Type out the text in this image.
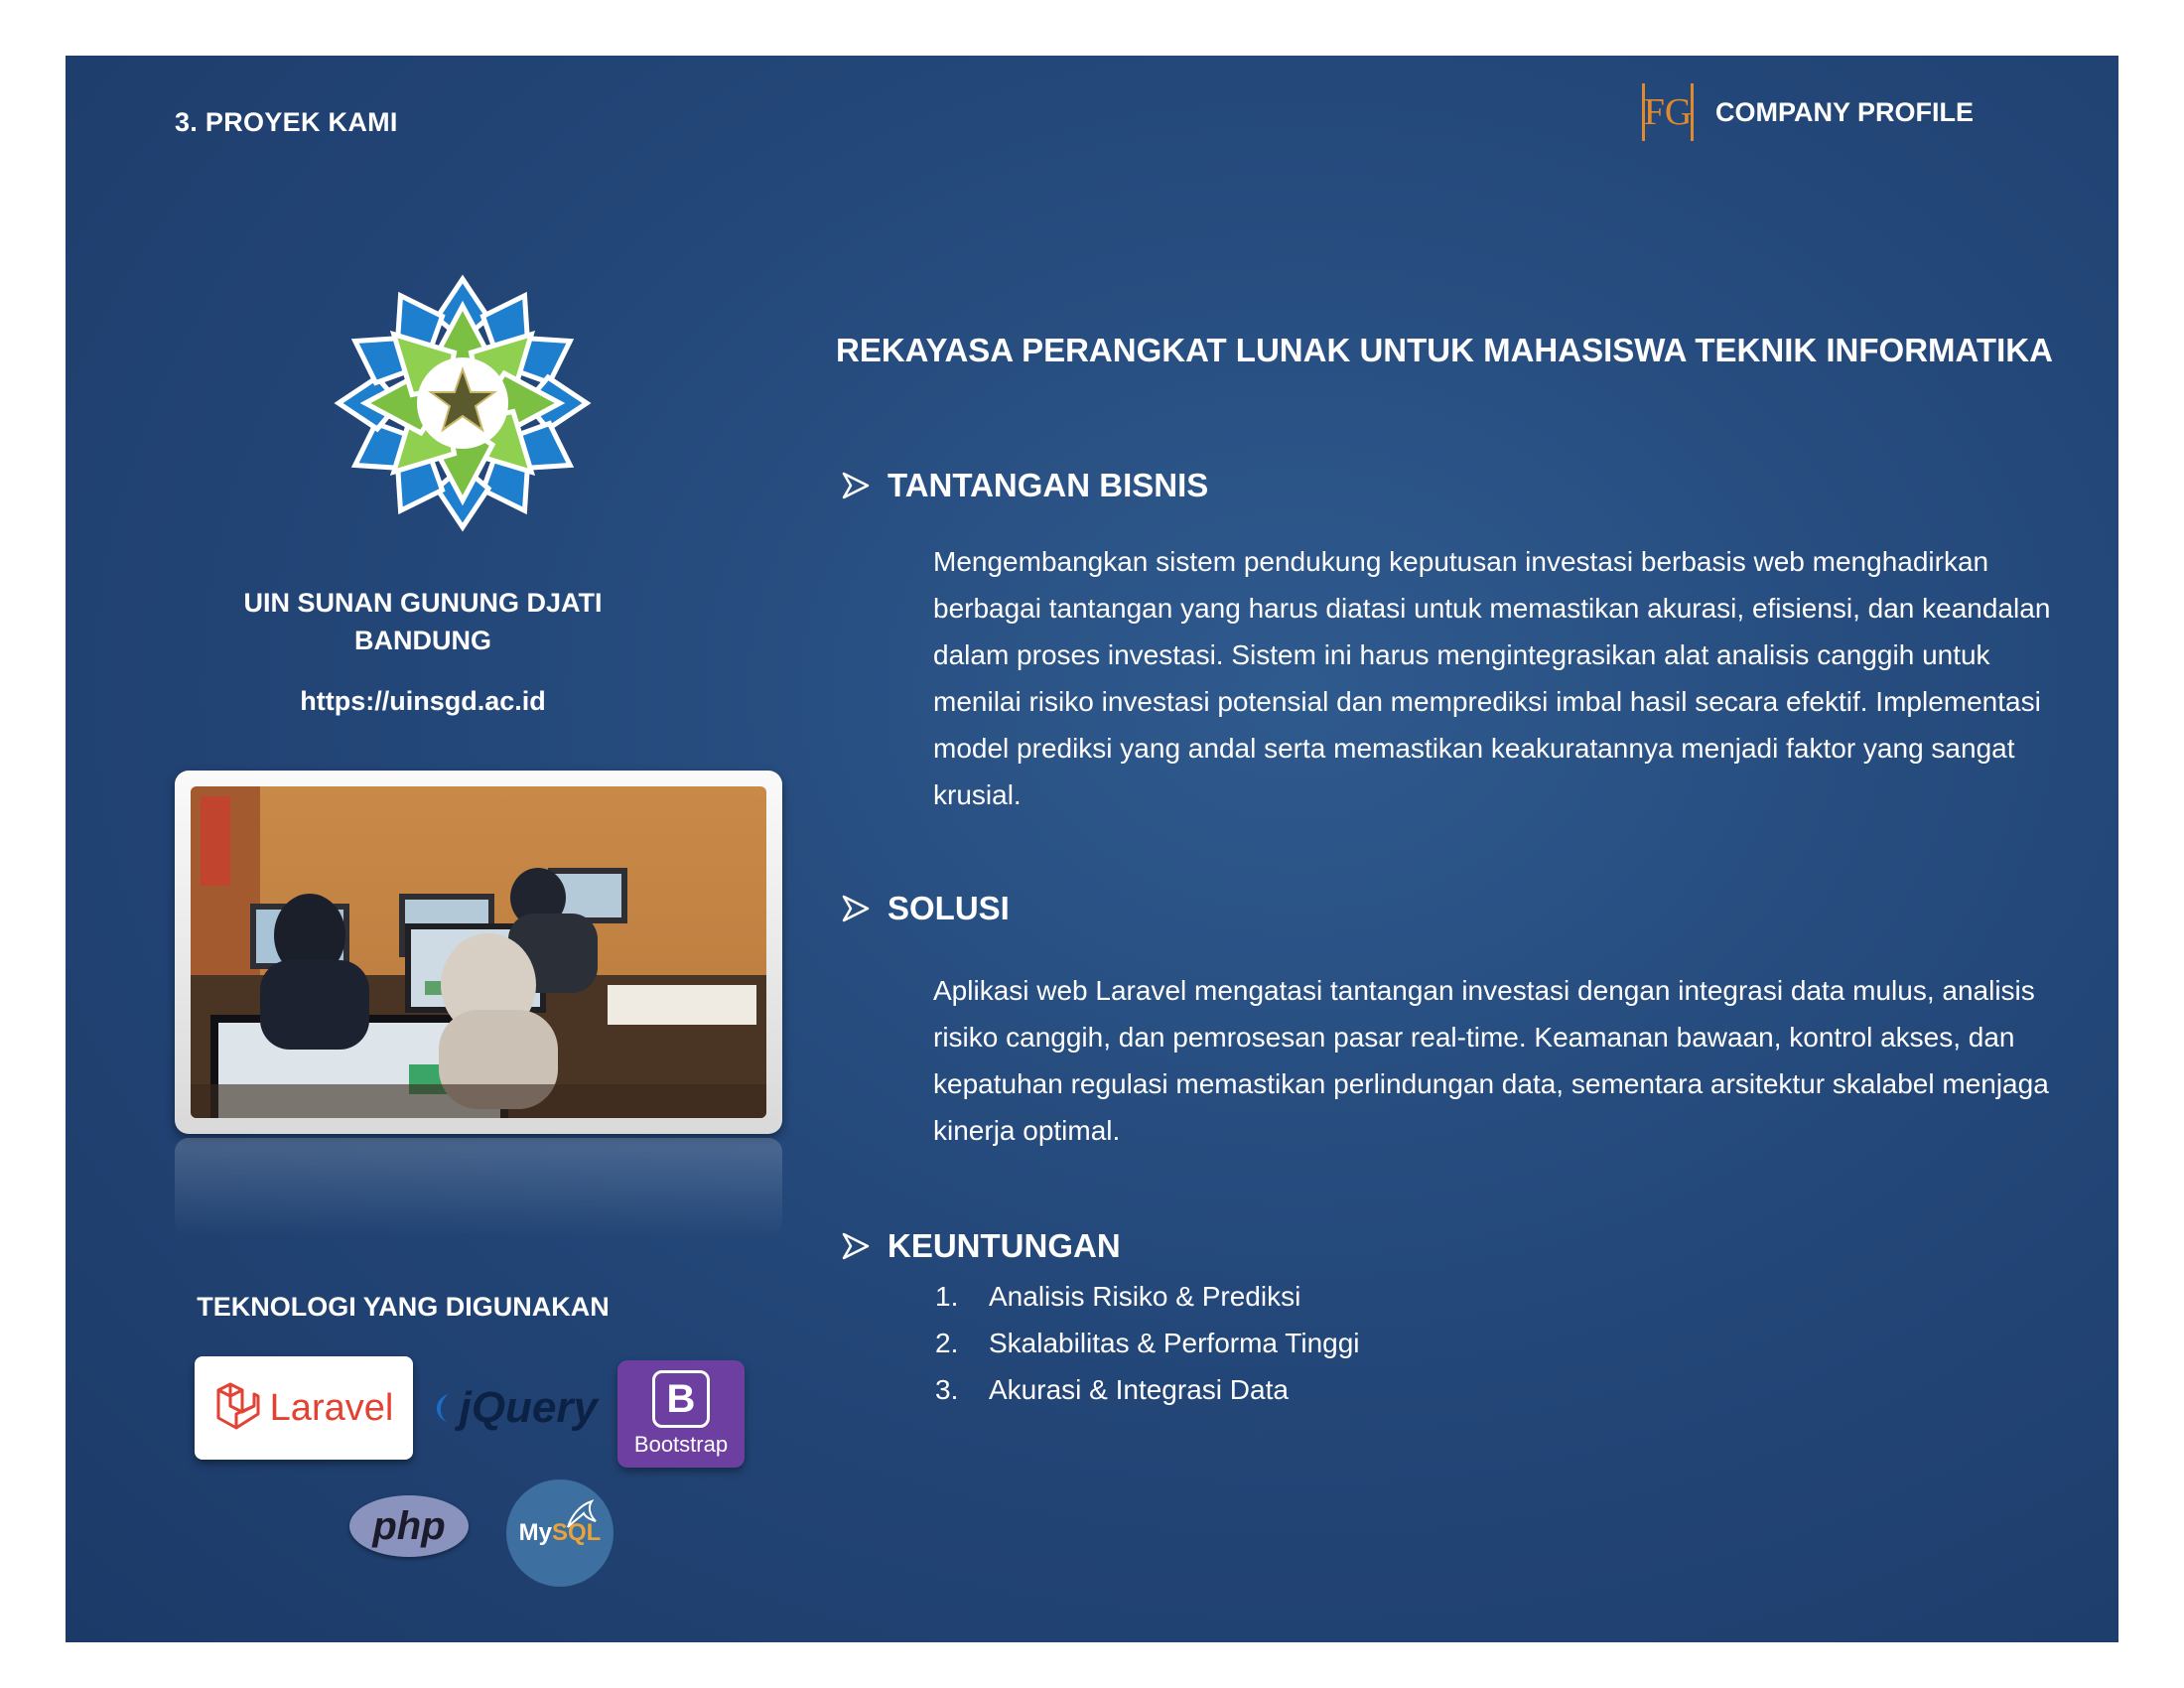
3. PROYEK KAMI	FG COMPANY PROFILE
UIN SUNAN GUNUNG DJATI
BANDUNG
https://uinsgd.ac.id
TEKNOLOGI YANG DIGUNAKAN
Laravel jQuery	B
Bootstrap
php	My SQL
REKAYASA PERANGKAT LUNAK UNTUK MAHASISWA TEKNIK INFORMATIKA
TANTANGAN BISNIS
Mengembangkan sistem pendukung keputusan investasi berbasis web menghadirkan berbagai tantangan yang harus diatasi untuk memastikan akurasi, efisiensi, dan keandalan dalam proses investasi. Sistem ini harus mengintegrasikan alat analisis canggih untuk menilai risiko investasi potensial dan memprediksi imbal hasil secara efektif. Implementasi model prediksi yang andal serta memastikan keakuratannya menjadi faktor yang sangat krusial.
SOLUSI
Aplikasi web Laravel mengatasi tantangan investasi dengan integrasi data mulus, analisis risiko canggih, dan pemrosesan pasar real-time. Keamanan bawaan, kontrol akses, dan kepatuhan regulasi memastikan perlindungan data, sementara arsitektur skalabel menjaga kinerja optimal.
KEUNTUNGAN
1.	Analisis Risiko & Prediksi
2.	Skalabilitas & Performa Tinggi
3.	Akurasi & Integrasi Data
